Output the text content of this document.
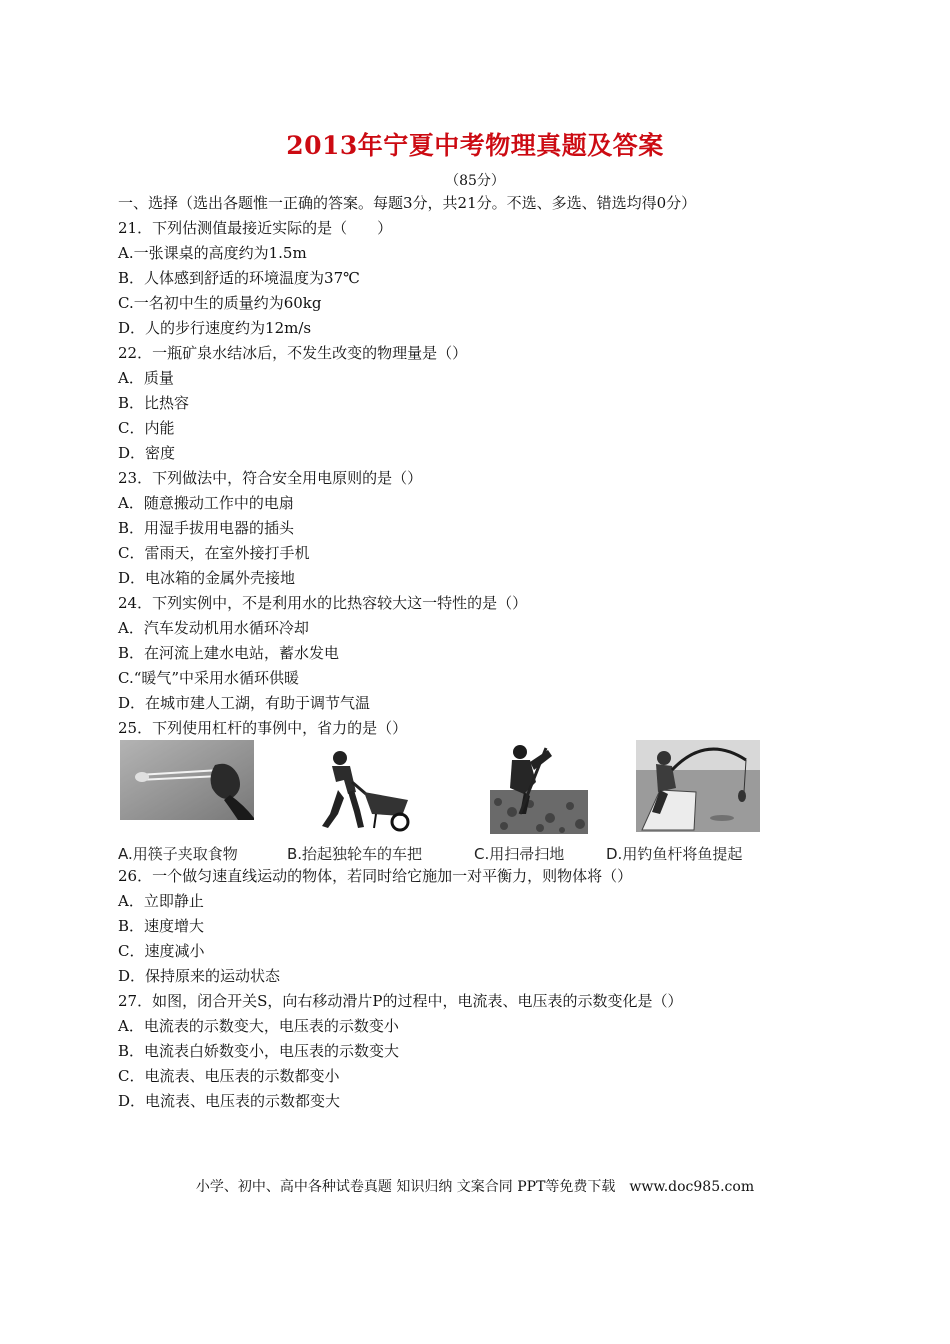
2013年宁夏中考物理真题及答案
（85分）
一、选择（选出各题惟一正确的答案。每题3分，共21分。不选、多选、错选均得0分）
21．下列估测值最接近实际的是（　　）
A.一张课桌的高度约为1.5m
B．人体感到舒适的环境温度为37℃
C.一名初中生的质量约为60kg
D．人的步行速度约为12m/s
22．一瓶矿泉水结冰后，不发生改变的物理量是（）
A．质量
B．比热容
C．内能
D．密度
23．下列做法中，符合安全用电原则的是（）
A．随意搬动工作中的电扇
B．用湿手拔用电器的插头
C．雷雨天，在室外接打手机
D．电冰箱的金属外壳接地
24．下列实例中，不是利用水的比热容较大这一特性的是（）
A．汽车发动机用水循环冷却
B．在河流上建水电站，蓄水发电
C.“暖气”中采用水循环供暖
D．在城市建人工湖，有助于调节气温
25．下列使用杠杆的事例中，省力的是（）
A.用筷子夹取食物	B.抬起独轮车的车把	C.用扫帚扫地	D.用钓鱼杆将鱼提起
26．一个做匀速直线运动的物体，若同时给它施加一对平衡力，则物体将（）
A．立即静止
B．速度增大
C．速度减小
D．保持原来的运动状态
27．如图，闭合开关S，向右移动滑片P的过程中，电流表、电压表的示数变化是（）
A．电流表的示数变大，电压表的示数变小
B．电流表白娇数变小，电压表的示数变大
C．电流表、电压表的示数都变小
D．电流表、电压表的示数都变大
小学、初中、高中各种试卷真题 知识归纳 文案合同 PPT等免费下载　www.doc985.com
